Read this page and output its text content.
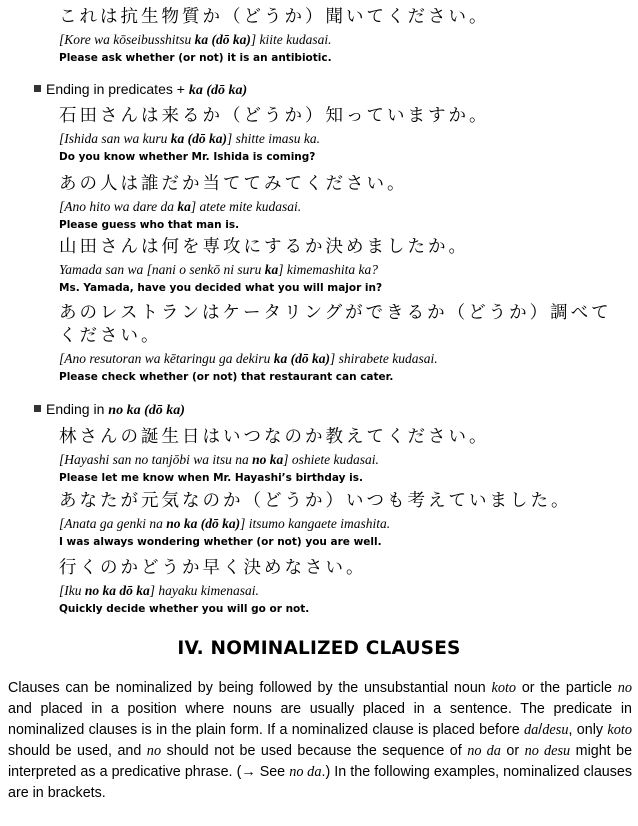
これは抗生物質か（どうか）聞いてください。
[Kore wa kōseibusshitsu ka (dō ka)] kiite kudasai.
Please ask whether (or not) it is an antibiotic.
Ending in predicates + ka (dō ka)
石田さんは来るか（どうか）知っていますか。
[Ishida san wa kuru ka (dō ka)] shitte imasu ka.
Do you know whether Mr. Ishida is coming?
あの人は誰だか当ててみてください。
[Ano hito wa dare da ka] atete mite kudasai.
Please guess who that man is.
山田さんは何を専攻にするか決めましたか。
Yamada san wa [nani o senkō ni suru ka] kimemashita ka?
Ms. Yamada, have you decided what you will major in?
あのレストランはケータリングができるか（どうか）調べてください。
[Ano resutoran wa kētaringu ga dekiru ka (dō ka)] shirabete kudasai.
Please check whether (or not) that restaurant can cater.
Ending in no ka (dō ka)
林さんの誕生日はいつなのか教えてください。
[Hayashi san no tanjōbi wa itsu na no ka] oshiete kudasai.
Please let me know when Mr. Hayashi’s birthday is.
あなたが元気なのか（どうか）いつも考えていました。
[Anata ga genki na no ka (dō ka)] itsumo kangaete imashita.
I was always wondering whether (or not) you are well.
行くのかどうか早く決めなさい。
[Iku no ka dō ka] hayaku kimenasai.
Quickly decide whether you will go or not.
IV. NOMINALIZED CLAUSES
Clauses can be nominalized by being followed by the unsubstantial noun koto or the particle no and placed in a position where nouns are usually placed in a sentence. The predicate in nominalized clauses is in the plain form. If a nominalized clause is placed before da/desu, only koto should be used, and no should not be used because the sequence of no da or no desu might be interpreted as a predicative phrase. (→ See no da.) In the following examples, nominalized clauses are in brackets.
